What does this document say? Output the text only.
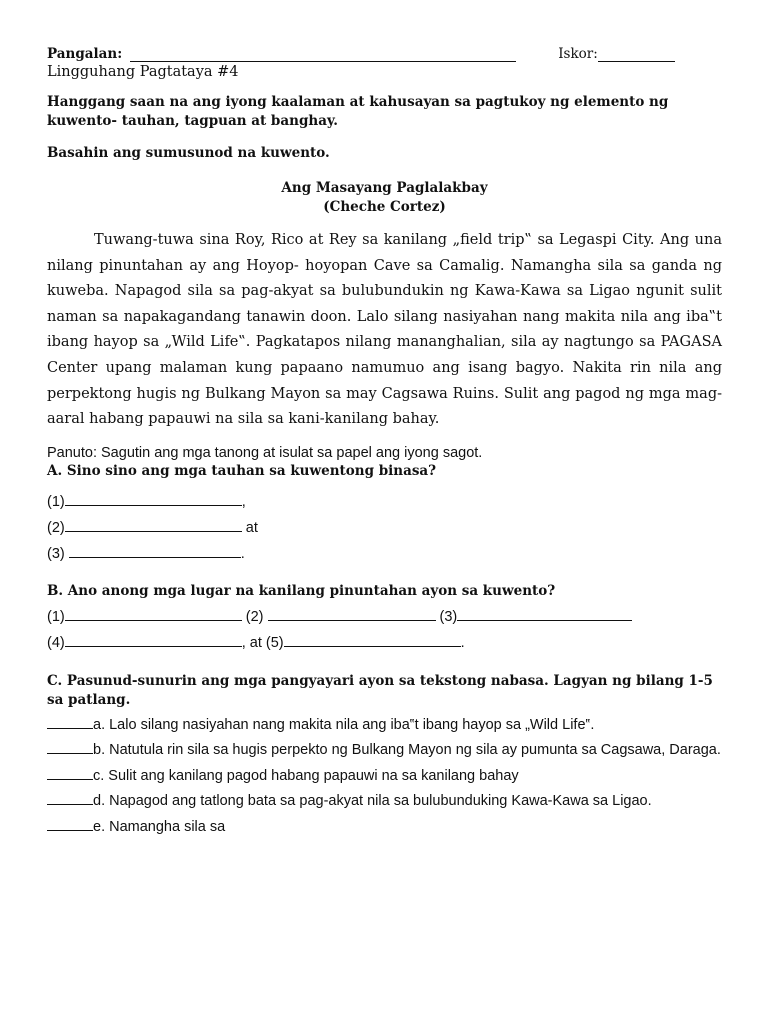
Pangalan:	Iskor:
Lingguhang Pagtataya #4
Hanggang saan na ang iyong kaalaman at kahusayan sa pagtukoy ng elemento ng kuwento- tauhan, tagpuan at banghay.
Basahin ang sumusunod na kuwento.
Ang Masayang Paglalakbay
(Cheche Cortez)
Tuwang-tuwa sina Roy, Rico at Rey sa kanilang „field trip‟ sa Legaspi City. Ang una nilang pinuntahan ay ang Hoyop- hoyopan Cave sa Camalig. Namangha sila sa ganda ng kuweba. Napagod sila sa pag-akyat sa bulubundukin ng Kawa-Kawa sa Ligao ngunit sulit naman sa napakagandang tanawin doon. Lalo silang nasiyahan nang makita nila ang iba‟t ibang hayop sa „Wild Life‟. Pagkatapos nilang mananghalian, sila ay nagtungo sa PAGASA Center upang malaman kung papaano namumuo ang isang bagyo. Nakita rin nila ang perpektong hugis ng Bulkang Mayon sa may Cagsawa Ruins. Sulit ang pagod ng mga mag-aaral habang papauwi na sila sa kani-kanilang bahay.
Panuto: Sagutin ang mga tanong at isulat sa papel ang iyong sagot.
A. Sino sino ang mga tauhan sa kuwentong binasa?
(1)	,
(2)	at
(3)	.
B. Ano anong mga lugar na kanilang pinuntahan ayon sa kuwento?
(1)	(2)	(3)
(4)	, at (5)	.
C. Pasunud-sunurin ang mga pangyayari ayon sa tekstong nabasa. Lagyan ng bilang 1-5 sa patlang.
a. Lalo silang nasiyahan nang makita nila ang iba‟t ibang hayop sa „Wild Life‟.
b. Natutula rin sila sa hugis perpekto ng Bulkang Mayon ng sila ay pumunta sa Cagsawa, Daraga.
c. Sulit ang kanilang pagod habang papauwi na sa kanilang bahay
d. Napagod ang tatlong bata sa pag-akyat nila sa bulubunduking Kawa-Kawa sa Ligao.
e. Namangha sila sa
